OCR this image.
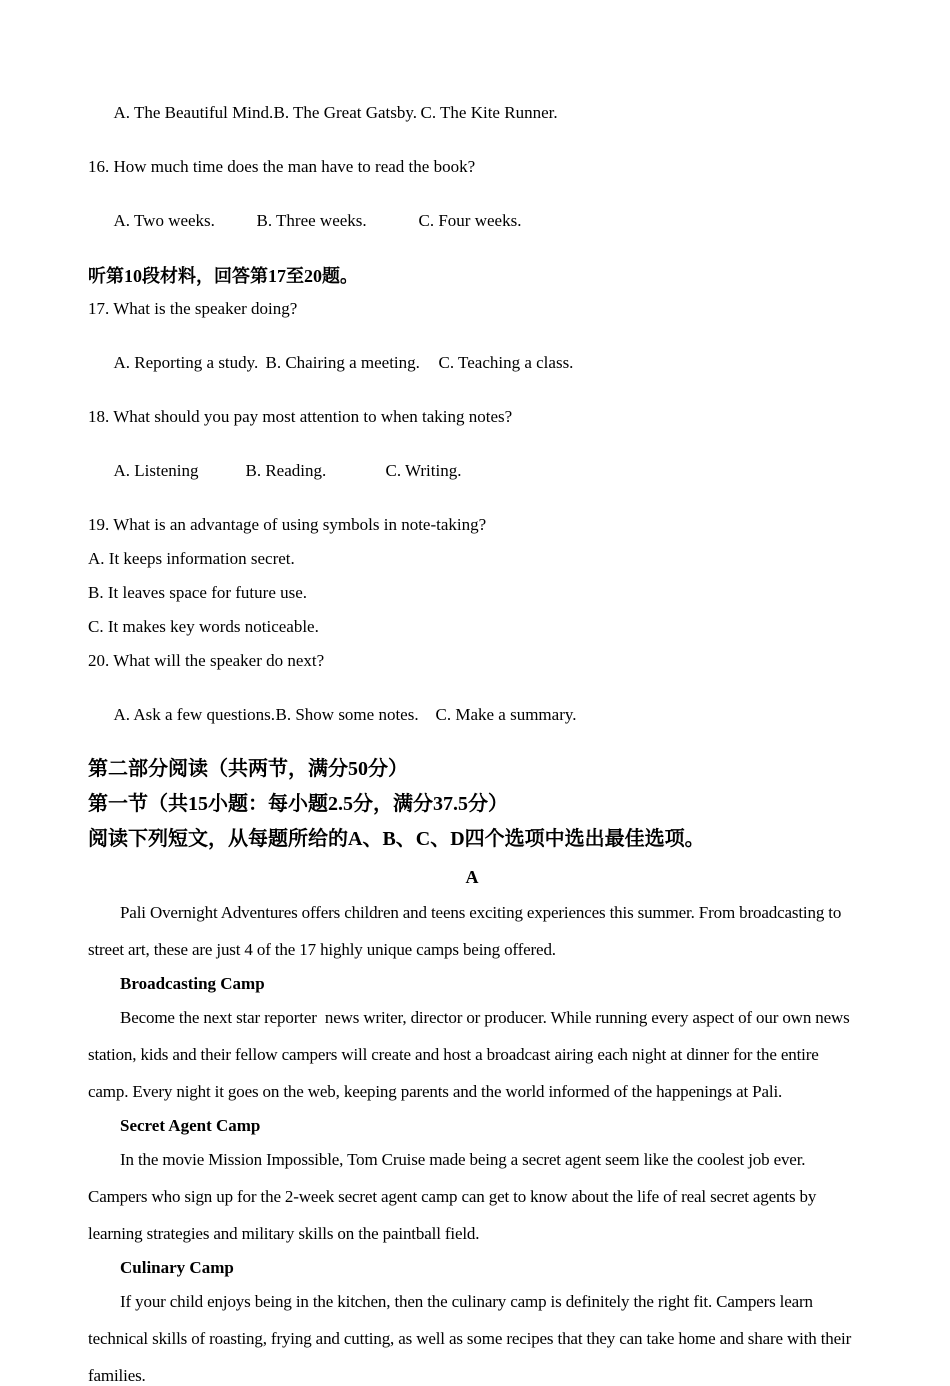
A. The Beautiful Mind.B. The Great Gatsby. C. The Kite Runner.

16. How much time does the man have to read the book?

A. Two weeks. B. Three weeks.	C. Four weeks.

听第10段材料，回答第17至20题。
17. What is the speaker doing?

A. Reporting a study. B. Chairing a meeting. C. Teaching a class.

18. What should you pay most attention to when taking notes?

A. Listening	B. Reading.	C. Writing.

19. What is an advantage of using symbols in note-taking?
A. It keeps information secret.
B. It leaves space for future use.
C. It makes key words noticeable.
20. What will the speaker do next?

A. Ask a few questions.B. Show some notes. C. Make a summary.

第二部分阅读（共两节，满分50分）
第一节（共15小题：每小题2.5分，满分37.5分）
阅读下列短文，从每题所给的A、B、C、D四个选项中选出最佳选项。
A
Pali Overnight Adventures offers children and teens exciting experiences this summer. From broadcasting to
street art, these are just 4 of the 17 highly unique camps being offered.
Broadcasting Camp
Become the next star reporter  news writer, director or producer. While running every aspect of our own news
station, kids and their fellow campers will create and host a broadcast airing each night at dinner for the entire
camp. Every night it goes on the web, keeping parents and the world informed of the happenings at Pali.
Secret Agent Camp
In the movie Mission Impossible, Tom Cruise made being a secret agent seem like the coolest job ever.
Campers who sign up for the 2-week secret agent camp can get to know about the life of real secret agents by
learning strategies and military skills on the paintball field.
Culinary Camp
If your child enjoys being in the kitchen, then the culinary camp is definitely the right fit. Campers learn
technical skills of roasting, frying and cutting, as well as some recipes that they can take home and share with their
families.
